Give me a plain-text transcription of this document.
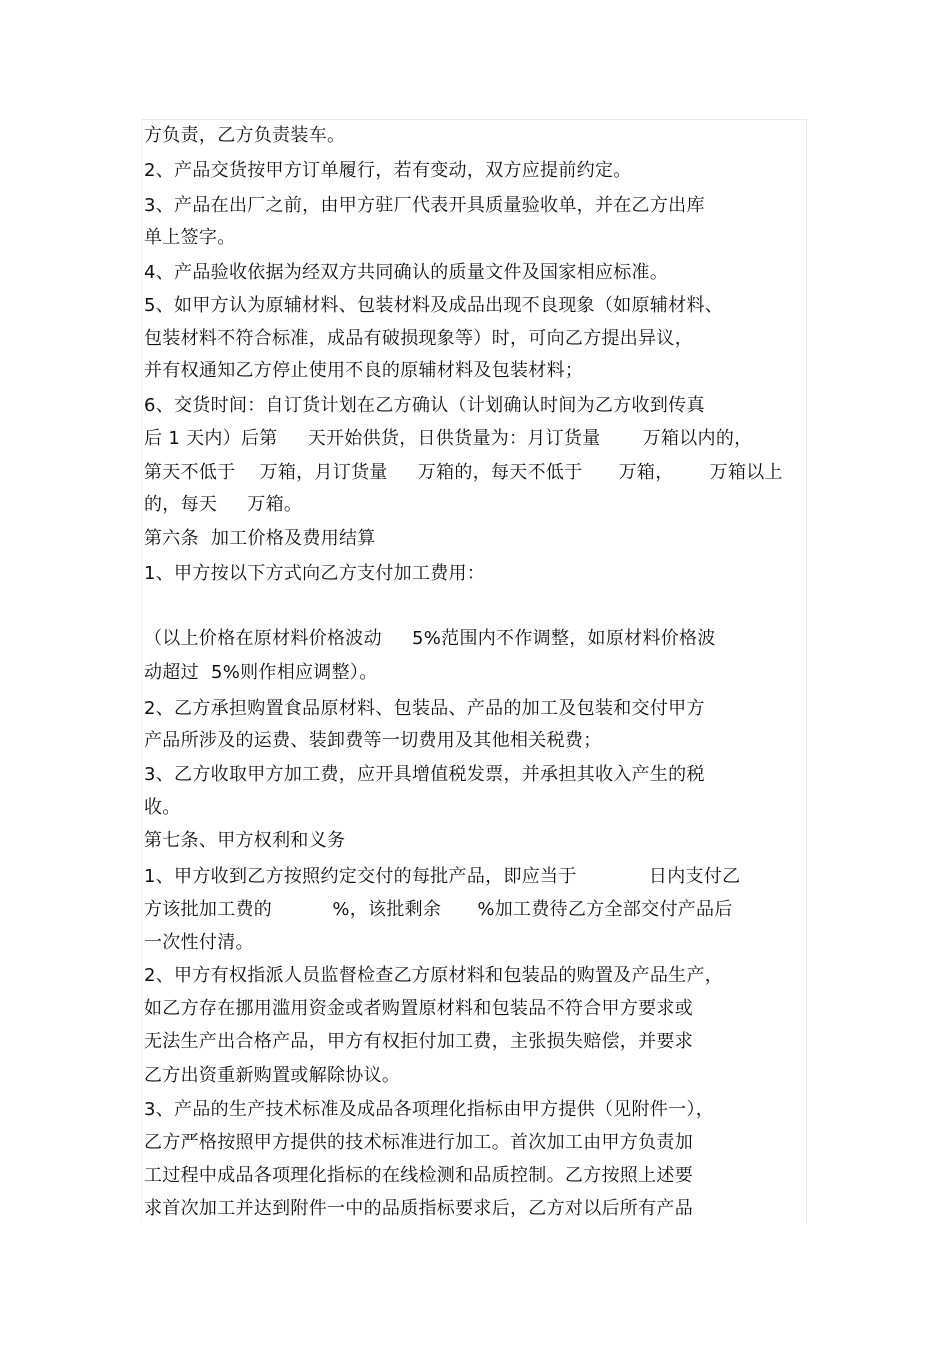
方负责，乙方负责装车。
2、产品交货按甲方订单履行，若有变动，双方应提前约定。
3、产品在出厂之前，由甲方驻厂代表开具质量验收单，并在乙方出库
单上签字。
4、产品验收依据为经双方共同确认的质量文件及国家相应标准。
5、如甲方认为原辅材料、包装材料及成品出现不良现象（如原辅材料、
包装材料不符合标准，成品有破损现象等）时，可向乙方提出异议，
并有权通知乙方停止使用不良的原辅材料及包装材料；
6、交货时间：自订货计划在乙方确认（计划确认时间为乙方收到传真
后 1 天内）后第     天开始供货，日供货量为：月订货量       万箱以内的，
第天不低于    万箱，月订货量     万箱的，每天不低于      万箱，      万箱以上
的，每天     万箱。
第六条  加工价格及费用结算
1、甲方按以下方式向乙方支付加工费用：
（以上价格在原材料价格波动     5%范围内不作调整，如原材料价格波
动超过  5%则作相应调整）。
2、乙方承担购置食品原材料、包装品、产品的加工及包装和交付甲方
产品所涉及的运费、装卸费等一切费用及其他相关税费；
3、乙方收取甲方加工费，应开具增值税发票，并承担其收入产生的税
收。
第七条、甲方权利和义务
1、甲方收到乙方按照约定交付的每批产品，即应当于            日内支付乙
方该批加工费的          %，该批剩余      %加工费待乙方全部交付产品后
一次性付清。
2、甲方有权指派人员监督检查乙方原材料和包装品的购置及产品生产，
如乙方存在挪用滥用资金或者购置原材料和包装品不符合甲方要求或
无法生产出合格产品，甲方有权拒付加工费，主张损失赔偿，并要求
乙方出资重新购置或解除协议。
3、产品的生产技术标准及成品各项理化指标由甲方提供（见附件一），
乙方严格按照甲方提供的技术标准进行加工。首次加工由甲方负责加
工过程中成品各项理化指标的在线检测和品质控制。乙方按照上述要
求首次加工并达到附件一中的品质指标要求后，乙方对以后所有产品
